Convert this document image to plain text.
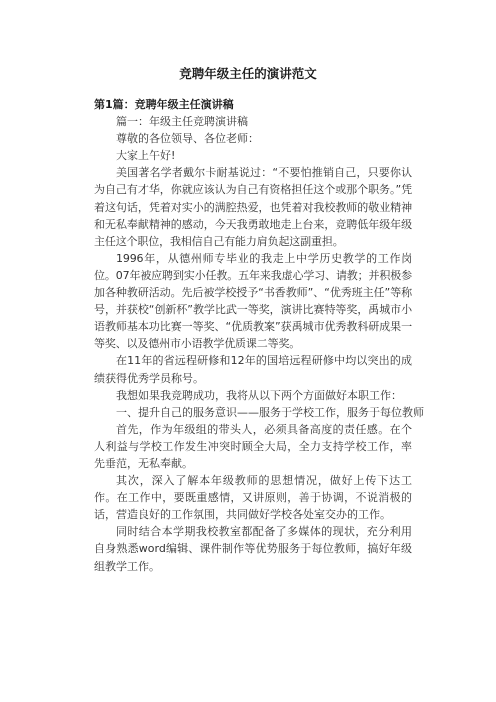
竞聘年级主任的演讲范文

第1篇：竞聘年级主任演讲稿

篇一：年级主任竞聘演讲稿

尊敬的各位领导、各位老师：

大家上午好!

美国著名学者戴尔卡耐基说过：“不要怕推销自己，只要你认为自己有才华，你就应该认为自己有资格担任这个或那个职务。”凭着这句话，凭着对实小的满腔热爱，也凭着对我校教师的敬业精神和无私奉献精神的感动，今天我勇敢地走上台来，竞聘低年级年级主任这个职位，我相信自己有能力肩负起这副重担。

1996年，从德州师专毕业的我走上中学历史教学的工作岗位。07年被应聘到实小任教。五年来我虚心学习、请教；并积极参加各种教研活动。先后被学校授予“书香教师”、“优秀班主任”等称号，并获校“创新杯”教学比武一等奖，演讲比赛特等奖，禹城市小语教师基本功比赛一等奖、“优质教案”获禹城市优秀教科研成果一等奖、以及德州市小语教学优质课二等奖。

在11年的省远程研修和12年的国培远程研修中均以突出的成绩获得优秀学员称号。

我想如果我竞聘成功，我将从以下两个方面做好本职工作：

一、提升自己的服务意识——服务于学校工作，服务于每位教师

首先，作为年级组的带头人，必须具备高度的责任感。在个人利益与学校工作发生冲突时顾全大局，全力支持学校工作，率先垂范，无私奉献。

其次，深入了解本年级教师的思想情况，做好上传下达工作。在工作中，要既重感情，又讲原则，善于协调，不说消极的话，营造良好的工作氛围，共同做好学校各处室交办的工作。

同时结合本学期我校教室都配备了多媒体的现状，充分利用自身熟悉word编辑、课件制作等优势服务于每位教师，搞好年级组教学工作。
